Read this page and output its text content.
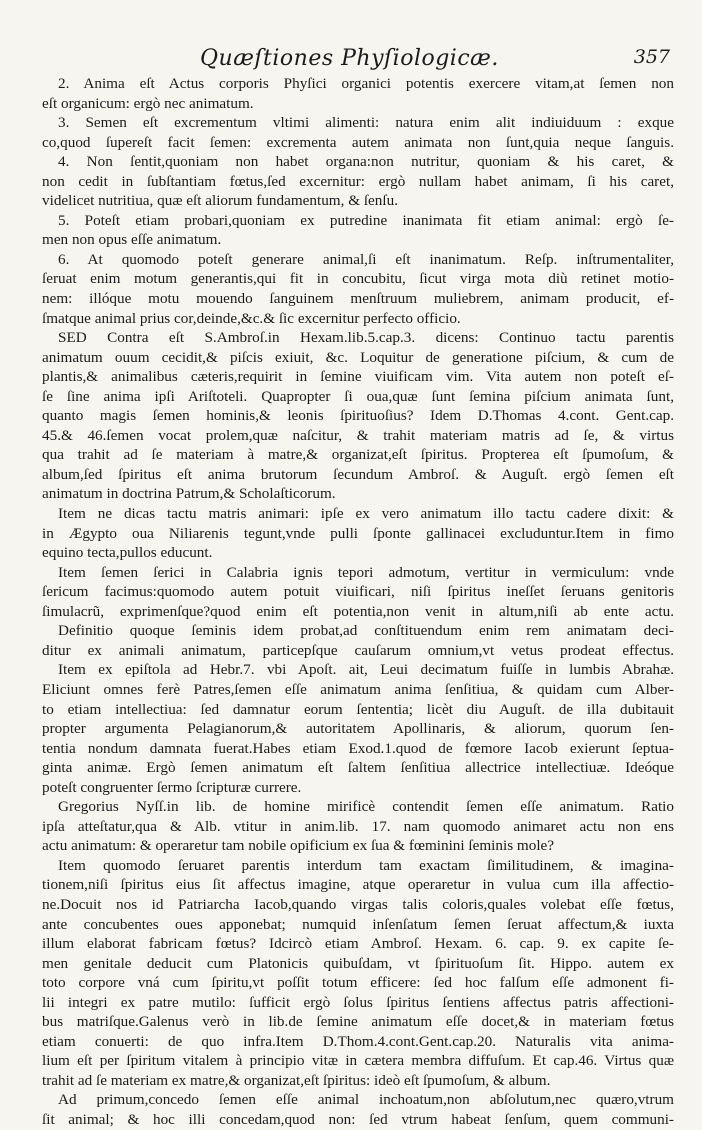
Quæſtiones Phyſiologicæ.	357
2. Anima eſt Actus corporis Phyſici organici potentis exercere vitam,at ſemen non
eſt organicum: ergò nec animatum.
3. Semen eſt excrementum vltimi alimenti: natura enim alit indiuiduum : exque
co,quod ſupereſt facit ſemen: excrementa autem animata non ſunt,quia neque ſanguis.
4. Non ſentit,quoniam non habet organa:non nutritur, quoniam & his caret, &
non cedit in ſubſtantiam fœtus,ſed excernitur: ergò nullam habet animam, ſi his caret,
videlicet nutritiua, quæ eſt aliorum fundamentum, & ſenſu.
5. Poteſt etiam probari,quoniam ex putredine inanimata fit etiam animal: ergò ſe-
men non opus eſſe animatum.
6. At quomodo poteſt generare animal,ſi eſt inanimatum. Reſp. inſtrumentaliter,
ſeruat enim motum generantis,qui fit in concubitu, ſicut virga mota diù retinet motio-
nem: illóque motu mouendo ſanguinem menſtruum muliebrem, animam producit, ef-
ſmatque animal prius cor,deinde,&c.& ſic excernitur perfecto officio.
SED Contra eſt S.Ambroſ.in Hexam.lib.5.cap.3. dicens: Continuo tactu parentis
animatum ouum cecidit,& piſcis exiuit, &c. Loquitur de generatione piſcium, & cum de
plantis,& animalibus cæteris,requirit in ſemine viuificam vim. Vita autem non poteſt eſ-
ſe ſine anima ipſi Ariſtoteli. Quapropter ſi oua,quæ ſunt ſemina piſcium animata ſunt,
quanto magis ſemen hominis,& leonis ſpirituoſius? Idem D.Thomas 4.cont. Gent.cap.
45.& 46.ſemen vocat prolem,quæ naſcitur, & trahit materiam matris ad ſe, & virtus
qua trahit ad ſe materiam à matre,& organizat,eſt ſpiritus. Propterea eſt ſpumoſum, &
album,ſed ſpiritus eſt anima brutorum ſecundum Ambroſ. & Auguſt. ergò ſemen eſt
animatum in doctrina Patrum,& Scholaſticorum.
Item ne dicas tactu matris animari: ipſe ex vero animatum illo tactu cadere dixit: &
in Ægypto oua Niliarenis tegunt,vnde pulli ſponte gallinacei excluduntur.Item in fimo
equino tecta,pullos educunt.
Item ſemen ſerici in Calabria ignis tepori admotum, vertitur in vermiculum: vnde
ſericum facimus:quomodo autem potuit viuificari, niſi ſpiritus ineſſet ſeruans genitoris
ſimulacrũ, exprimenſque?quod enim eſt potentia,non venit in altum,niſi ab ente actu.
Definitio quoque ſeminis idem probat,ad conſtituendum enim rem animatam deci-
ditur ex animali animatum, particepſque cauſarum omnium,vt vetus prodeat effectus.
Item ex epiſtola ad Hebr.7. vbi Apoſt. ait, Leui decimatum fuiſſe in lumbis Abrahæ.
Eliciunt omnes ferè Patres,ſemen eſſe animatum anima ſenſitiua, & quidam cum Alber-
to etiam intellectiua: ſed damnatur eorum ſententia; licèt diu Auguſt. de illa dubitauit
propter argumenta Pelagianorum,& autoritatem Apollinaris, & aliorum, quorum ſen-
tentia nondum damnata fuerat.Habes etiam Exod.1.quod de fœmore Iacob exierunt ſeptua-
ginta animæ. Ergò ſemen animatum eſt ſaltem ſenſitiua allectrice intellectiuæ. Ideóque
poteſt congruenter ſermo ſcripturæ currere.
Gregorius Nyſſ.in lib. de homine mirificè contendit ſemen eſſe animatum. Ratio
ipſa atteſtatur,qua & Alb. vtitur in anim.lib. 17. nam quomodo animaret actu non ens
actu animatum: & operaretur tam nobile opificium ex ſua & fœminini ſeminis mole?
Item quomodo ſeruaret parentis interdum tam exactam ſimilitudinem, & imagina-
tionem,niſi ſpiritus eius ſit affectus imagine, atque operaretur in vulua cum illa affectio-
ne.Docuit nos id Patriarcha Iacob,quando virgas talis coloris,quales volebat eſſe fœtus,
ante concubentes oues apponebat; numquid inſenſatum ſemen ſeruat affectum,& iuxta
illum elaborat fabricam fœtus? Idcircò etiam Ambroſ. Hexam. 6. cap. 9. ex capite ſe-
men genitale deducit cum Platonicis quibuſdam, vt ſpirituoſum ſit. Hippo. autem ex
toto corpore vná cum ſpiritu,vt poſſit totum efficere: ſed hoc falſum eſſe admonent fi-
lii integri ex patre mutilo: ſufficit ergò ſolus ſpiritus ſentiens affectus patris affectioni-
bus matriſque.Galenus verò in lib.de ſemine animatum eſſe docet,& in materiam fœtus
etiam conuerti: de quo infra.Item D.Thom.4.cont.Gent.cap.20. Naturalis vita anima-
lium eſt per ſpiritum vitalem à principio vitæ in cætera membra diffuſum. Et cap.46. Virtus quæ
trahit ad ſe materiam ex matre,& organizat,eſt ſpiritus: ideò eſt ſpumoſum, & album.
Ad primum,concedo ſemen eſſe animal inchoatum,non abſolutum,nec quæro,vtrum
ſit animal; & hoc illi concedam,quod non: ſed vtrum habeat ſenſum, quem communi-
